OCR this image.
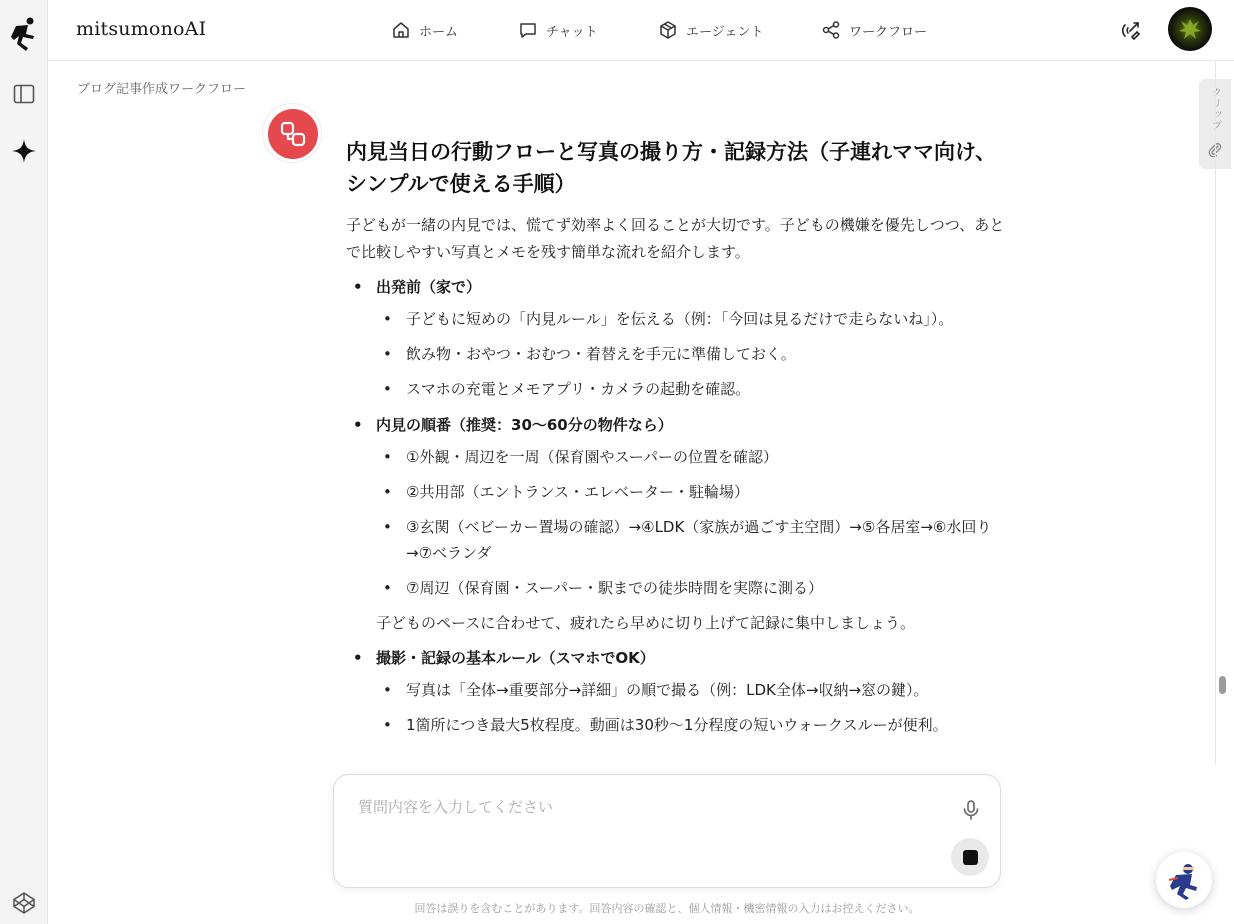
mitsumonoAI	ホーム	チャット	エージェント	ワークフロー
ブログ記事作成ワークフロー	クリップ
内見当日の行動フローと写真の撮り方・記録方法（子連れママ向け、シンプルで使える手順）
子どもが一緒の内見では、慌てず効率よく回ることが大切です。子どもの機嫌を優先しつつ、あとで比較しやすい写真とメモを残す簡単な流れを紹介します。
• 出発前（家で）
• 子どもに短めの「内見ルール」を伝える（例：「今回は見るだけで走らないね」）。
• 飲み物・おやつ・おむつ・着替えを手元に準備しておく。
• スマホの充電とメモアプリ・カメラの起動を確認。
• 内見の順番（推奨：30〜60分の物件なら）
• ①外観・周辺を一周（保育園やスーパーの位置を確認）
• ②共用部（エントランス・エレベーター・駐輪場）
• ③玄関（ベビーカー置場の確認）→④LDK（家族が過ごす主空間）→⑤各居室→⑥水回り→⑦ベランダ
• ⑦周辺（保育園・スーパー・駅までの徒歩時間を実際に測る）
子どものペースに合わせて、疲れたら早めに切り上げて記録に集中しましょう。
• 撮影・記録の基本ルール（スマホでOK）
• 写真は「全体→重要部分→詳細」の順で撮る（例：LDK全体→収納→窓の鍵）。
• 1箇所につき最大5枚程度。動画は30秒〜1分程度の短いウォークスルーが便利。
質問内容を入力してください
回答は誤りを含むことがあります。回答内容の確認と、個人情報・機密情報の入力はお控えください。
